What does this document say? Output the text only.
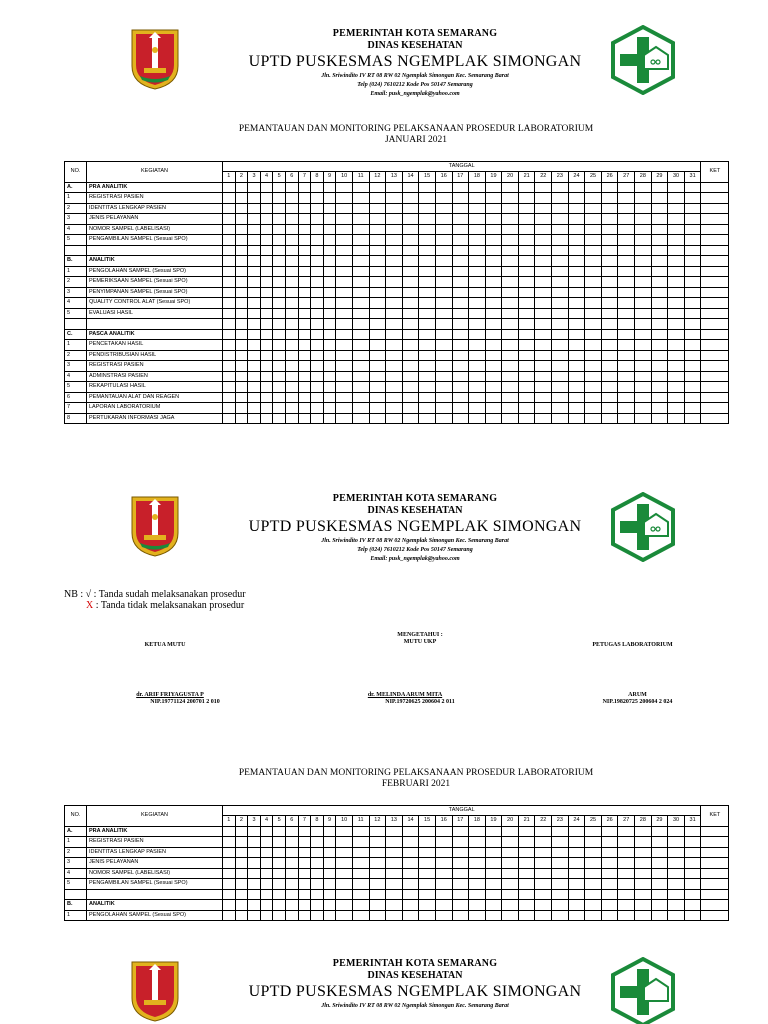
PEMERINTAH KOTA SEMARANG
DINAS KESEHATAN
UPTD PUSKESMAS NGEMPLAK SIMONGAN
Jln. Sriwindito IV RT 08 RW 02 Ngemplak Simongan Kec. Semarang Barat
Telp (024) 7610212 Kode Pos 50147 Semarang
Email: pusk_ngemplak@yahoo.com
PEMANTAUAN DAN MONITORING PELAKSANAAN PROSEDUR LABORATORIUM
JANUARI 2021
NO.	KEGIATAN	TANGGAL																															KET
		1	2	3	4	5	6	7	8	9	10	11	12	13	14	15	16	17	18	19	20	21	22	23	24	25	26	27	28	29	30	31	
A.	PRA ANALITIK																																
1	REGISTRASI PASIEN																																
2	IDENTITAS LENGKAP PASIEN																																
3	JENIS PELAYANAN																																
4	NOMOR SAMPEL (LABELISASI)																																
5	PENGAMBILAN SAMPEL (Sesuai SPO)																																

B.	ANALITIK																																
1	PENGOLAHAN SAMPEL (Sesuai SPO)																																
2	PEMERIKSAAN SAMPEL (Sesuai SPO)																																
3	PENYIMPANAN SAMPEL (Sesuai SPO)																																
4	QUALITY CONTROL ALAT (Sesuai SPO)																																
5	EVALUASI HASIL																																

C.	PASCA ANALITIK																																
1	PENCETAKAN HASIL																																
2	PENDISTRIBUSIAN HASIL																																
3	REGISTRASI PASIEN																																
4	ADMINSTRASI PASIEN																																
5	REKAPITULASI HASIL																																
6	PEMANTAUAN ALAT DAN REAGEN																																
7	LAPORAN LABORATORIUM																																
8	PERTUKARAN INFORMASI JAGA																																
PEMERINTAH KOTA SEMARANG
DINAS KESEHATAN
UPTD PUSKESMAS NGEMPLAK SIMONGAN
Jln. Sriwindito IV RT 08 RW 02 Ngemplak Simongan Kec. Semarang Barat
Telp (024) 7610212 Kode Pos 50147 Semarang
Email: pusk_ngemplak@yahoo.com
NB : √ : Tanda sudah melaksanakan prosedur
X : Tanda tidak melaksanakan prosedur
KETUA MUTU
MENGETAHUI :
MUTU UKP	PETUGAS LABORATORIUM
dr. ARIF FRIYAGUSTA P
NIP.19771124 200701 2 010
dr. MELINDA ARUM MITA
NIP.19720625 200604 2 011
ARUM
NIP.19820725 200604 2 024
PEMANTAUAN DAN MONITORING PELAKSANAAN PROSEDUR LABORATORIUM
FEBRUARI 2021
NO.	KEGIATAN	TANGGAL																															KET
		1	2	3	4	5	6	7	8	9	10	11	12	13	14	15	16	17	18	19	20	21	22	23	24	25	26	27	28	29	30	31	
A.	PRA ANALITIK																																
1	REGISTRASI PASIEN																																
2	IDENTITAS LENGKAP PASIEN																																
3	JENIS PELAYANAN																																
4	NOMOR SAMPEL (LABELISASI)																																
5	PENGAMBILAN SAMPEL (Sesuai SPO)																																

B.	ANALITIK																																
1	PENGOLAHAN SAMPEL (Sesuai SPO)																																
PEMERINTAH KOTA SEMARANG
DINAS KESEHATAN
UPTD PUSKESMAS NGEMPLAK SIMONGAN
Jln. Sriwindito IV RT 08 RW 02 Ngemplak Simongan Kec. Semarang Barat
